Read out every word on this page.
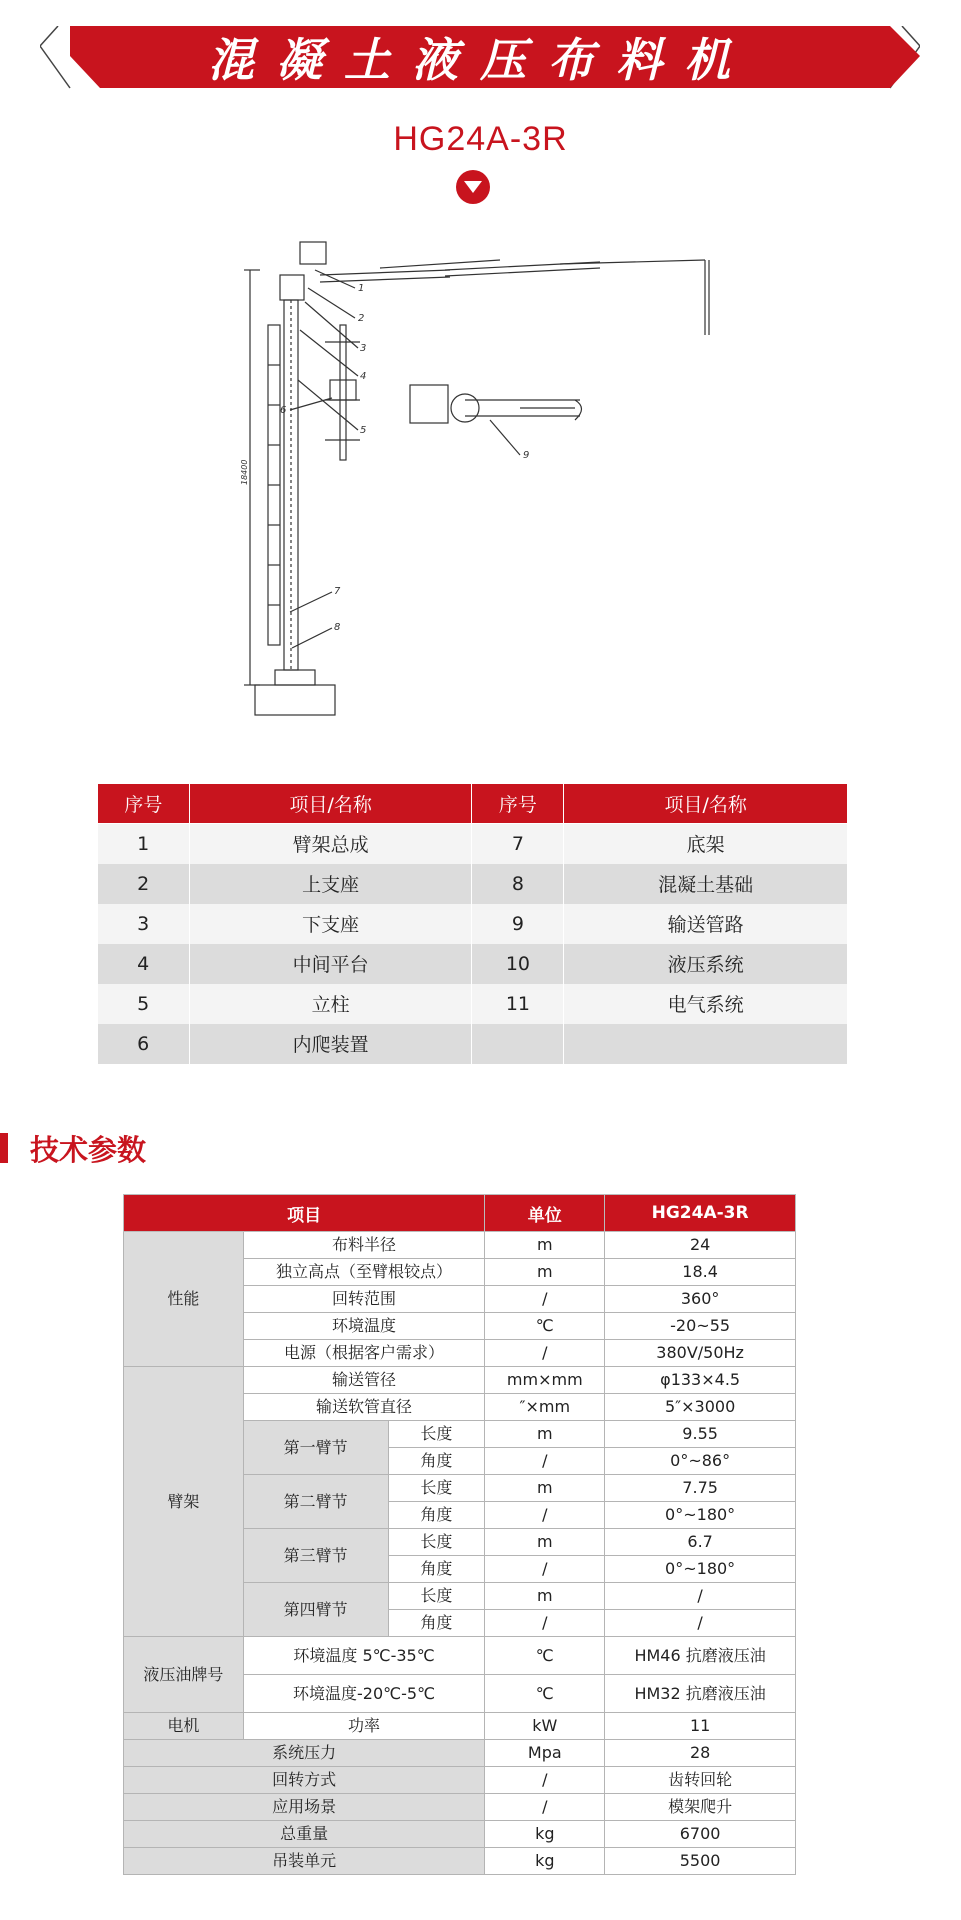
混凝土液压布料机
HG24A-3R
1
2
3
4
5
6
7
8
9
18400
序号	项目/名称	序号	项目/名称
1	臂架总成	7	底架
2	上支座	8	混凝土基础
3	下支座	9	输送管路
4	中间平台	10	液压系统
5	立柱	11	电气系统
6	内爬装置		
技术参数
项目			单位	HG24A-3R
性能	布料半径		m	24
	独立高点（至臂根铰点）		m	18.4
	回转范围		/	360°
	环境温度		℃	-20~55
	电源（根据客户需求）		/	380V/50Hz
臂架	输送管径		mm×mm	φ133×4.5
	输送软管直径		″×mm	5″×3000
	第一臂节	长度	m	9.55
		角度	/	0°~86°
	第二臂节	长度	m	7.75
		角度	/	0°~180°
	第三臂节	长度	m	6.7
		角度	/	0°~180°
	第四臂节	长度	m	/
		角度	/	/
液压油牌号	环境温度 5℃-35℃		℃	HM46 抗磨液压油
	环境温度-20℃-5℃		℃	HM32 抗磨液压油
电机	功率		kW	11
系统压力			Mpa	28
回转方式			/	齿转回轮
应用场景			/	模架爬升
总重量			kg	6700
吊装单元			kg	5500
